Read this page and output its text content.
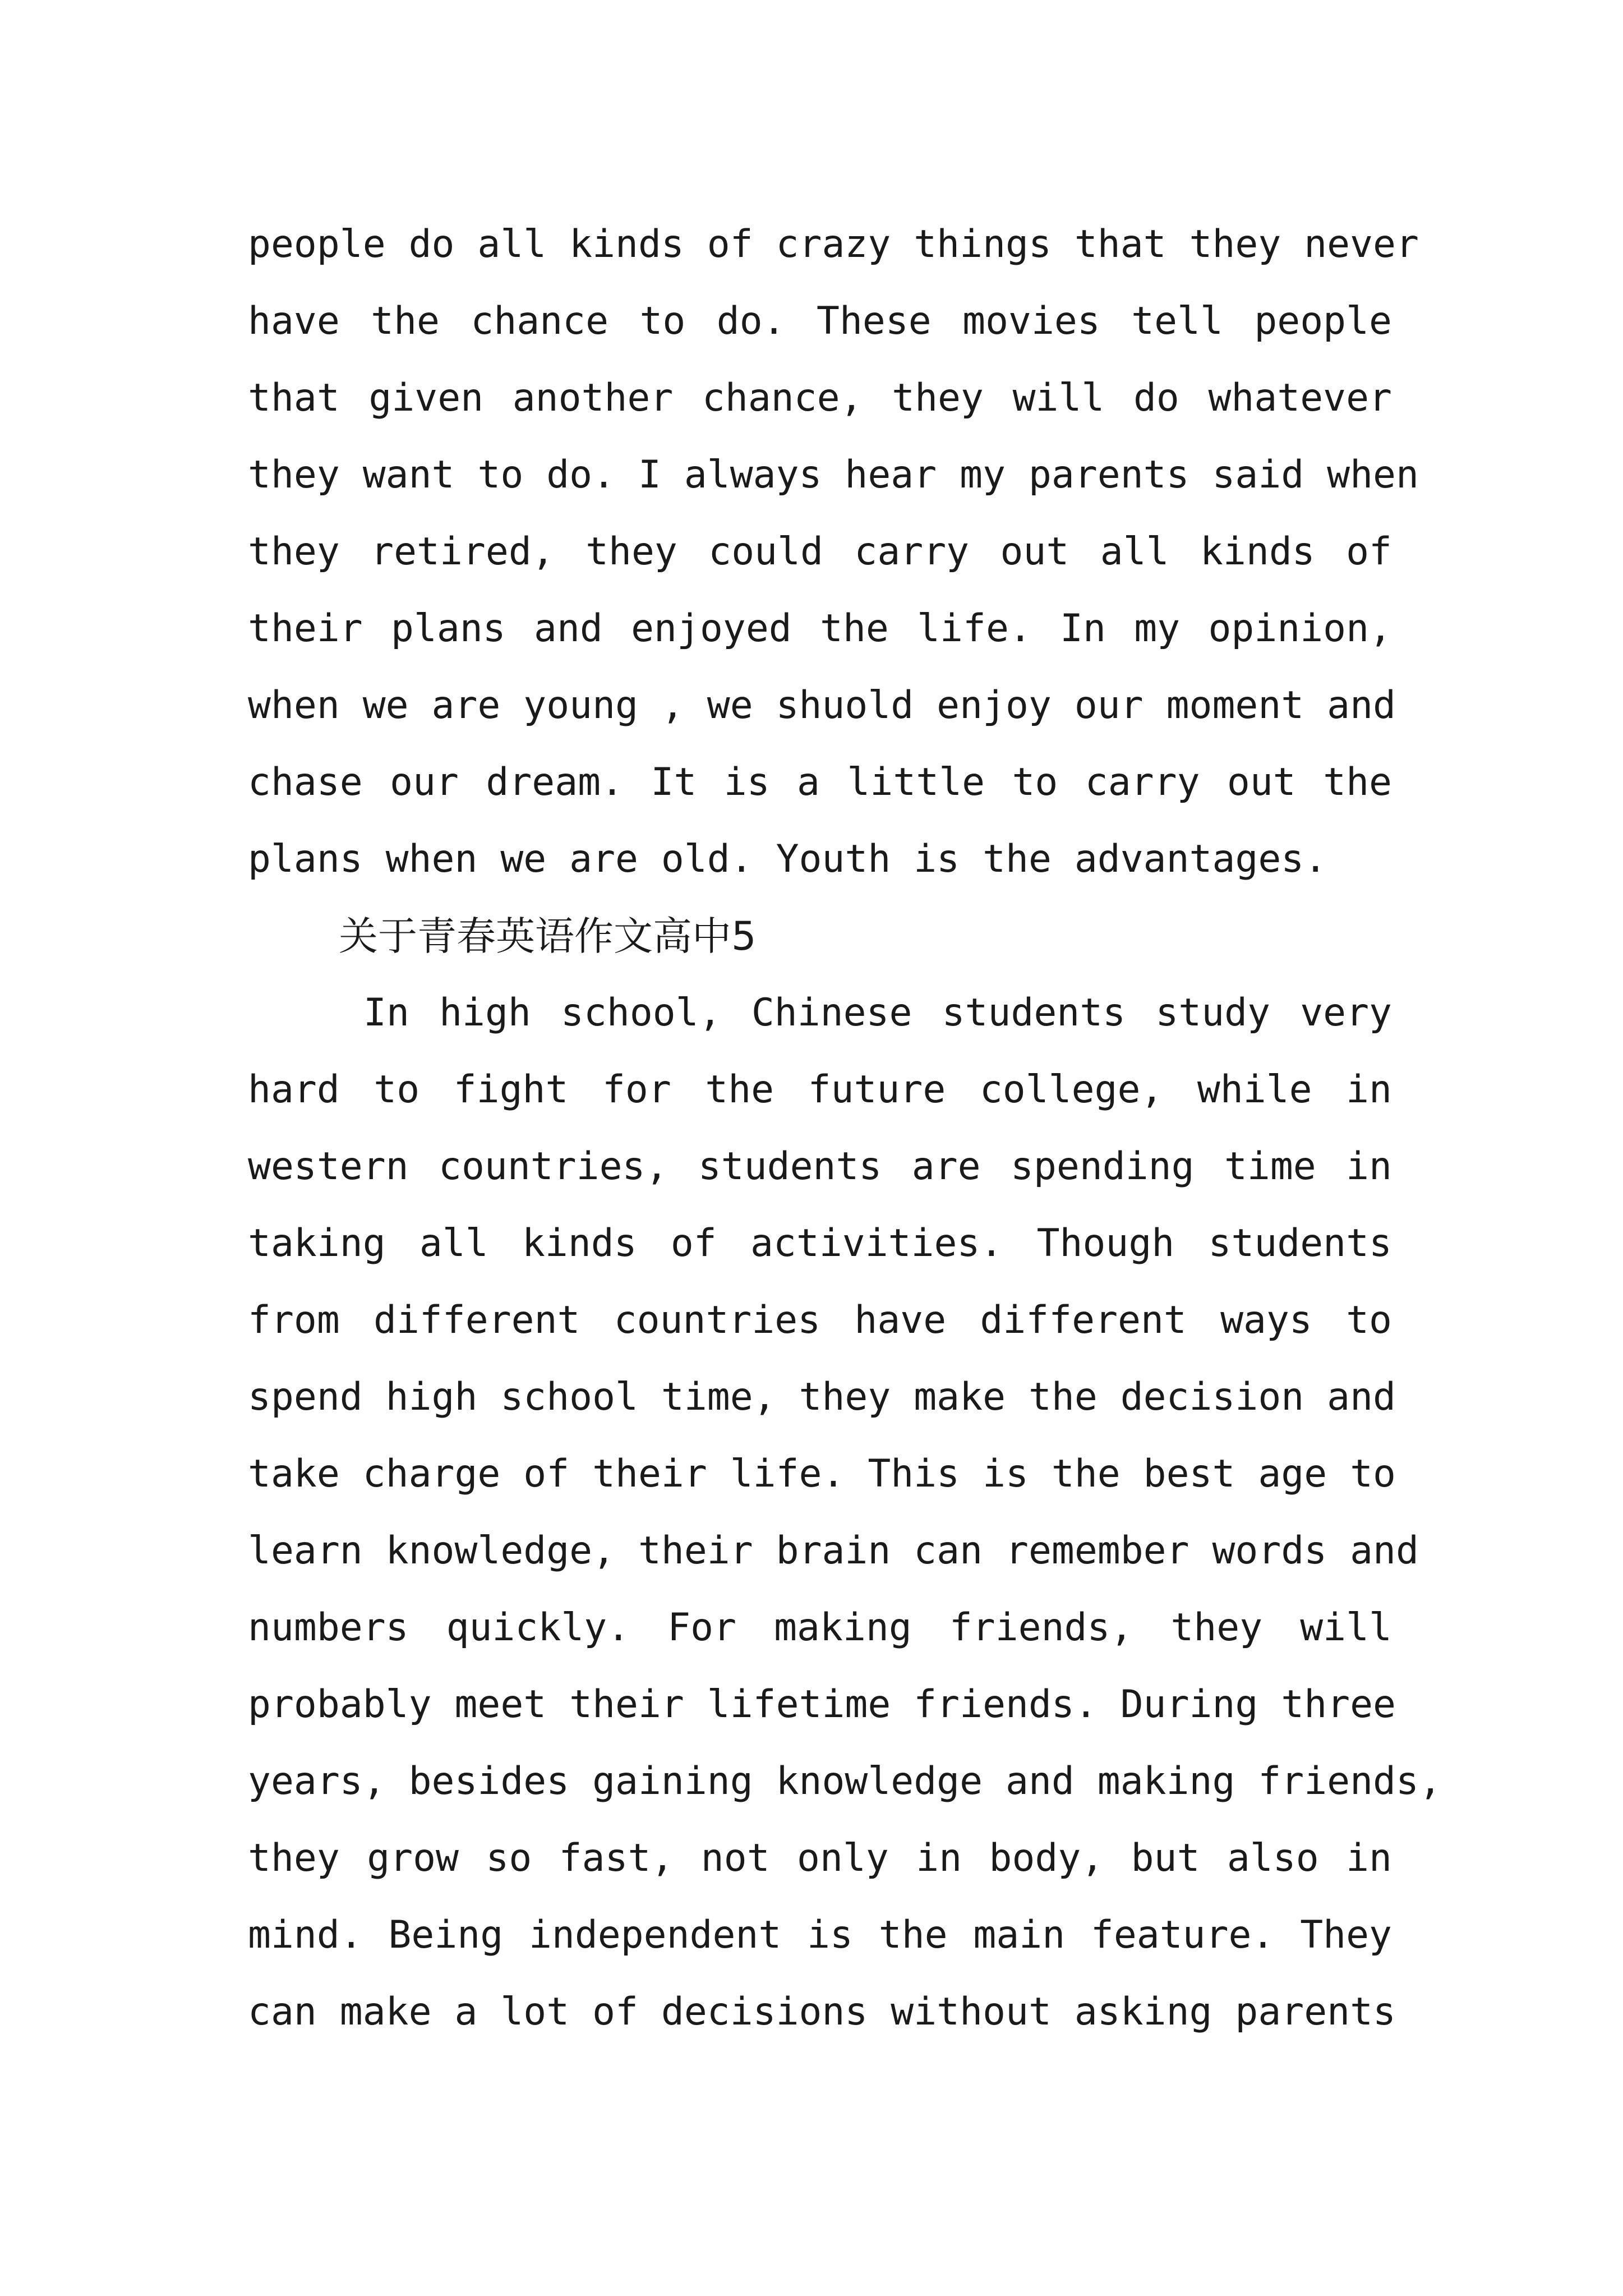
people do all kinds of crazy things that they never
have the chance to do. These movies tell people
that given another chance, they will do whatever
they want to do. I always hear my parents said when
they retired, they could carry out all kinds of
their plans and enjoyed the life. In my opinion,
when we are young , we shuold enjoy our moment and
chase our dream. It is a little to carry out the
plans when we are old. Youth is the advantages.
关于青春英语作文高中5
In high school, Chinese students study very
hard to fight for the future college, while in
western countries, students are spending time in
taking all kinds of activities. Though students
from different countries have different ways to
spend high school time, they make the decision and
take charge of their life. This is the best age to
learn knowledge, their brain can remember words and
numbers quickly. For making friends, they will
probably meet their lifetime friends. During three
years, besides gaining knowledge and making friends,
they grow so fast, not only in body, but also in
mind. Being independent is the main feature. They
can make a lot of decisions without asking parents
